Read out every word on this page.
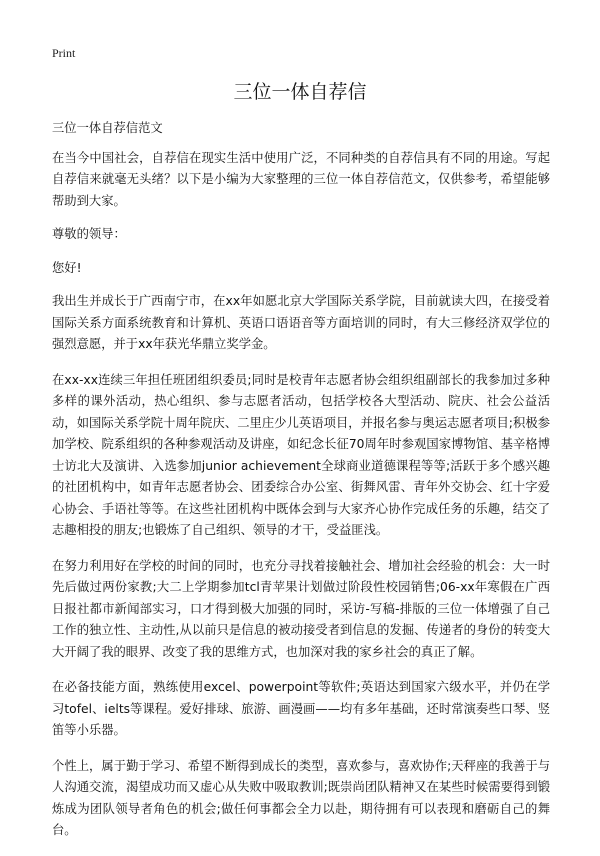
Print
三位一体自荐信

三位一体自荐信范文

在当今中国社会，自荐信在现实生活中使用广泛，不同种类的自荐信具有不同的用途。写起自荐信来就毫无头绪？以下是小编为大家整理的三位一体自荐信范文，仅供参考，希望能够帮助到大家。

尊敬的领导：

您好!

我出生并成长于广西南宁市，在xx年如愿北京大学国际关系学院，目前就读大四，在接受着国际关系方面系统教育和计算机、英语口语语音等方面培训的同时，有大三修经济双学位的强烈意愿，并于xx年获光华鼎立奖学金。

在xx-xx连续三年担任班团组织委员;同时是校青年志愿者协会组织组副部长的我参加过多种多样的课外活动，热心组织、参与志愿者活动，包括学校各大型活动、院庆、社会公益活动，如国际关系学院十周年院庆、二里庄少儿英语项目，并报名参与奥运志愿者项目;积极参加学校、院系组织的各种参观活动及讲座，如纪念长征70周年时参观国家博物馆、基辛格博士访北大及演讲、入选参加junior achievement全球商业道德课程等等;活跃于多个感兴趣的社团机构中，如青年志愿者协会、团委综合办公室、街舞风雷、青年外交协会、红十字爱心协会、手语社等等。在这些社团机构中既体会到与大家齐心协作完成任务的乐趣，结交了志趣相投的朋友;也锻炼了自己组织、领导的才干，受益匪浅。

在努力利用好在学校的时间的同时，也充分寻找着接触社会、增加社会经验的机会：大一时先后做过两份家教;大二上学期参加tcl青苹果计划做过阶段性校园销售;06-xx年寒假在广西日报社都市新闻部实习，口才得到极大加强的同时，采访-写稿-排版的三位一体增强了自己工作的独立性、主动性,从以前只是信息的被动接受者到信息的发掘、传递者的身份的转变大大开阔了我的眼界、改变了我的思维方式，也加深对我的家乡社会的真正了解。

在必备技能方面，熟练使用excel、powerpoint等软件;英语达到国家六级水平，并仍在学习tofel、ielts等课程。爱好排球、旅游、画漫画——均有多年基础，还时常演奏些口琴、竖笛等小乐器。

个性上，属于勤于学习、希望不断得到成长的类型，喜欢参与，喜欢协作;天秤座的我善于与人沟通交流，渴望成功而又虚心从失败中吸取教训;既崇尚团队精神又在某些时候需要得到锻炼成为团队领导者角色的机会;做任何事都会全力以赴，期待拥有可以表现和磨砺自己的舞台。
